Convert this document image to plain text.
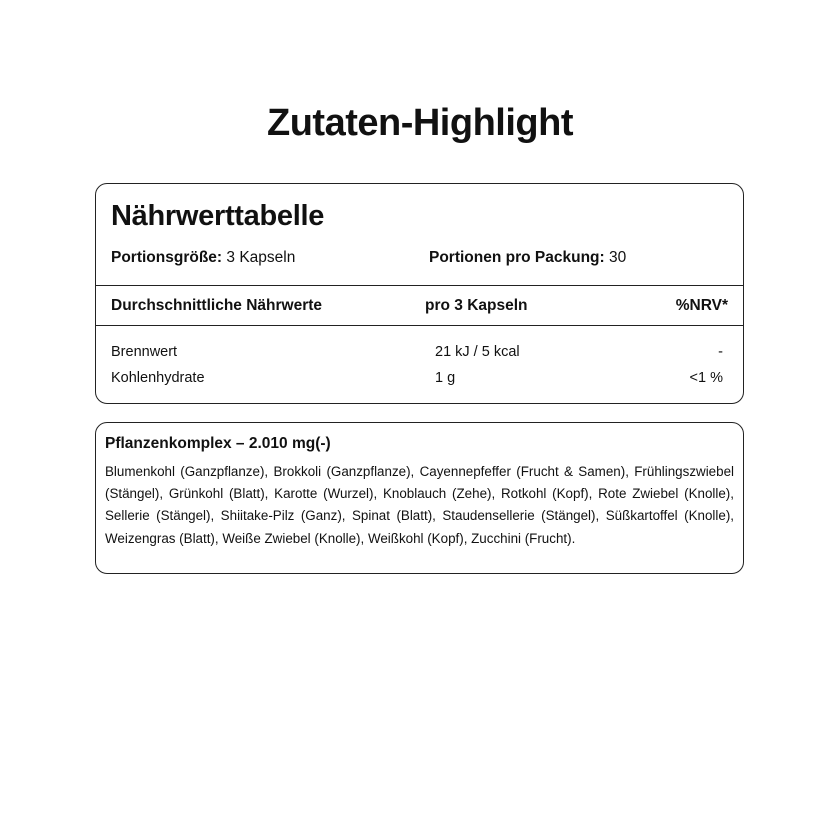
Zutaten-Highlight
Nährwerttabelle
Portionsgröße: 3 Kapseln	Portionen pro Packung: 30
Durchschnittliche Nährwerte	pro 3 Kapseln	%NRV*
Brennwert	21 kJ / 5 kcal	-
Kohlenhydrate	1 g	<1 %
Pflanzenkomplex – 2.010 mg(-)

Blumenkohl (Ganzpflanze), Brokkoli (Ganzpflanze), Cayennepfeffer (Frucht & Samen), Frühlingszwiebel (Stängel), Grünkohl (Blatt), Karotte (Wurzel), Knoblauch (Zehe), Rotkohl (Kopf), Rote Zwiebel (Knolle), Sellerie (Stängel), Shiitake-Pilz (Ganz), Spinat (Blatt), Staudensellerie (Stängel), Süßkartoffel (Knolle), Weizengras (Blatt), Weiße Zwiebel (Knolle), Weißkohl (Kopf), Zucchini (Frucht).
